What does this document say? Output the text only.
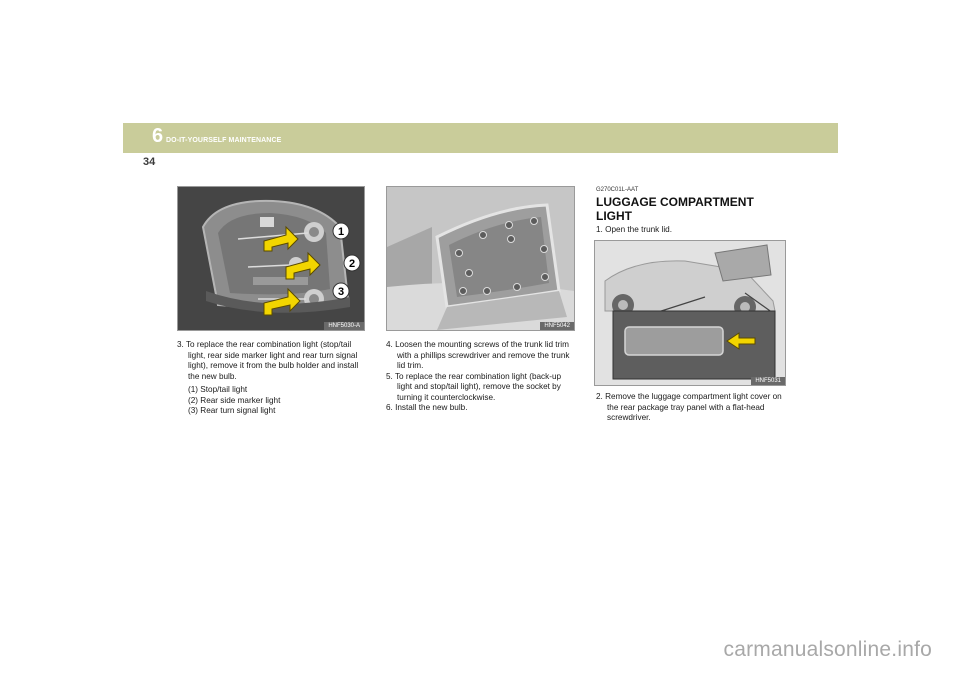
6 DO-IT-YOURSELF MAINTENANCE
34
1
2
3
HNF5030-A	HNF5042
HNF5031

3. To replace the rear combination light (stop/tail light, rear side marker light and rear turn signal light), remove it from the bulb holder and install the new bulb.

(1) Stop/tail light

(2) Rear side marker light

(3) Rear turn signal light

4. Loosen the mounting screws of the trunk lid trim with a phillips screwdriver and remove the trunk lid trim.

5. To replace the rear combination light (back-up light and stop/tail light), remove the socket by turning it counterclockwise.

6. Install the new bulb.

G270C01L-AAT
LUGGAGE COMPARTMENT LIGHT
1. Open the trunk lid.

2. Remove the luggage compartment light cover on the rear package tray panel with a flat-head screwdriver.

carmanualsonline.info
